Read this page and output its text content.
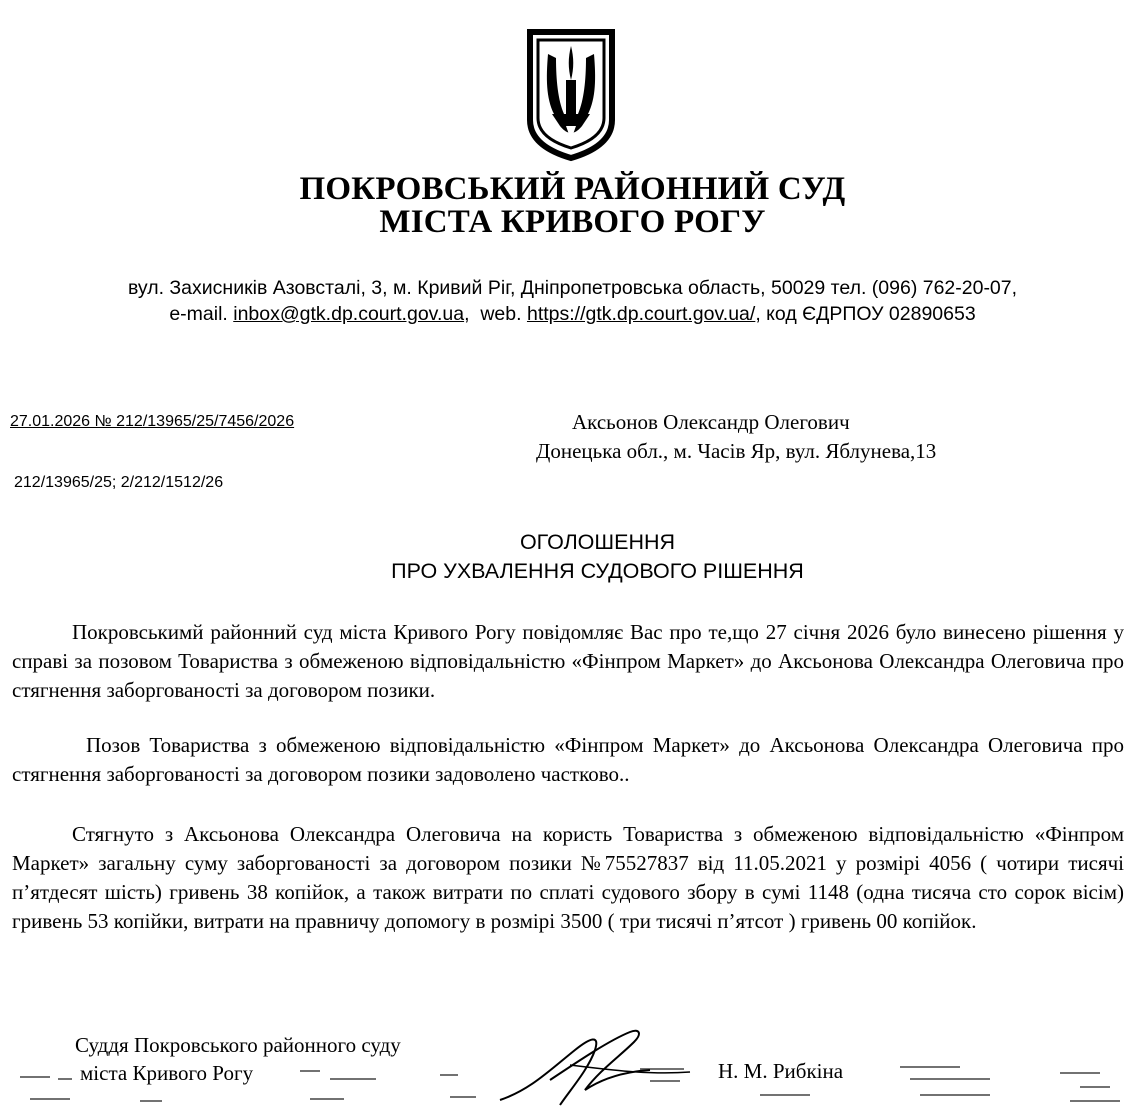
ПОКРОВСЬКИЙ РАЙОННИЙ СУД
МІСТА КРИВОГО РОГУ
вул. Захисників Азовсталі, 3, м. Кривий Ріг, Дніпропетровська область, 50029 тел. (096) 762-20-07,
e-mail. inbox@gtk.dp.court.gov.ua,  web. https://gtk.dp.court.gov.ua/, код ЄДРПОУ 02890653
27.01.2026 № 212/13965/25/7456/2026
212/13965/25; 2/212/1512/26
Аксьонов Олександр Олегович
Донецька обл., м. Часів Яр, вул. Яблунева,13
ОГОЛОШЕННЯ
ПРО УХВАЛЕННЯ СУДОВОГО РІШЕННЯ
Покровськимй районний суд міста Кривого Рогу повідомляє Вас про те,що 27 січня 2026 було винесено рішення у справі за позовом Товариства з обмеженою відповідальністю «Фінпром Маркет» до Аксьонова Олександра Олеговича про стягнення заборгованості за договором позики.
Позов Товариства з обмеженою відповідальністю «Фінпром Маркет» до Аксьонова Олександра Олеговича про стягнення заборгованості за договором позики задоволено частково..
Стягнуто з Аксьонова Олександра Олеговича на користь Товариства з обмеженою відповідальністю «Фінпром Маркет» загальну суму заборгованості за договором позики №75527837 від 11.05.2021 у розмірі 4056 ( чотири тисячі п’ятдесят шість) гривень 38 копійок, а також витрати по сплаті судового збору в сумі 1148 (одна тисяча сто сорок вісім) гривень 53 копійки, витрати на правничу допомогу в розмірі 3500 ( три тисячі п’ятсот ) гривень 00 копійок.
Суддя Покровського районного суду
міста Кривого Рогу	Н. М. Рибкіна
